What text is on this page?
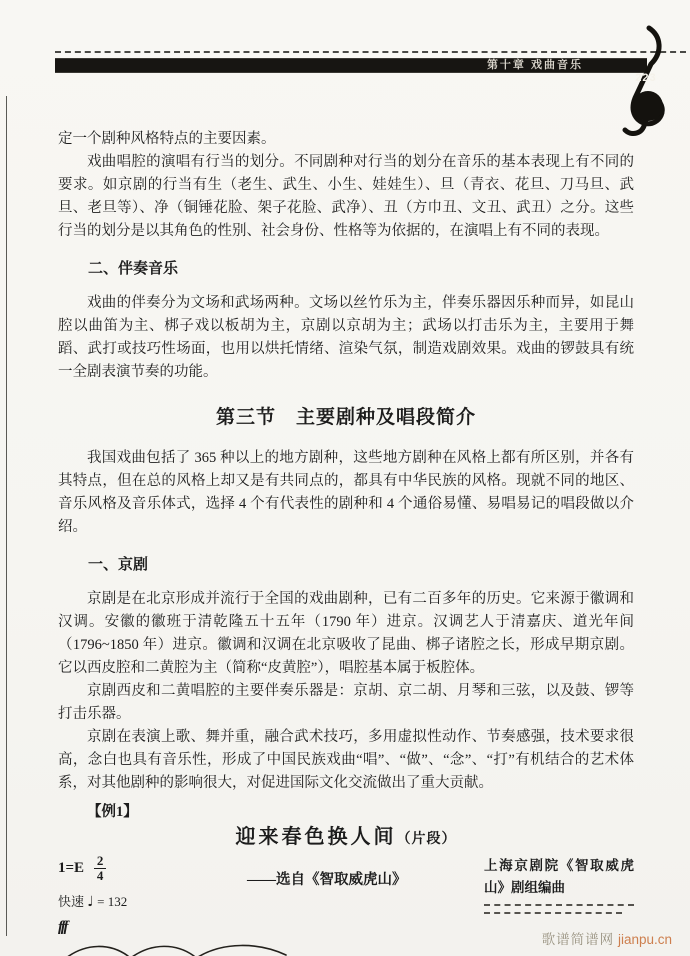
第十章 戏曲音乐
223

定一个剧种风格特点的主要因素。

戏曲唱腔的演唱有行当的划分。不同剧种对行当的划分在音乐的基本表现上有不同的要求。如京剧的行当有生（老生、武生、小生、娃娃生）、旦（青衣、花旦、刀马旦、武旦、老旦等）、净（铜锤花脸、架子花脸、武净）、丑（方巾丑、文丑、武丑）之分。这些行当的划分是以其角色的性别、社会身份、性格等为依据的，在演唱上有不同的表现。

二、伴奏音乐

戏曲的伴奏分为文场和武场两种。文场以丝竹乐为主，伴奏乐器因乐种而异，如昆山腔以曲笛为主、梆子戏以板胡为主，京剧以京胡为主；武场以打击乐为主，主要用于舞蹈、武打或技巧性场面，也用以烘托情绪、渲染气氛，制造戏剧效果。戏曲的锣鼓具有统一全剧表演节奏的功能。

第三节　主要剧种及唱段简介

我国戏曲包括了 365 种以上的地方剧种，这些地方剧种在风格上都有所区别，并各有其特点，但在总的风格上却又是有共同点的，都具有中华民族的风格。现就不同的地区、音乐风格及音乐体式，选择 4 个有代表性的剧种和 4 个通俗易懂、易唱易记的唱段做以介绍。

一、京剧

京剧是在北京形成并流行于全国的戏曲剧种，已有二百多年的历史。它来源于徽调和汉调。安徽的徽班于清乾隆五十五年（1790 年）进京。汉调艺人于清嘉庆、道光年间（1796~1850 年）进京。徽调和汉调在北京吸收了昆曲、梆子诸腔之长，形成早期京剧。它以西皮腔和二黄腔为主（简称“皮黄腔”），唱腔基本属于板腔体。

京剧西皮和二黄唱腔的主要伴奏乐器是：京胡、京二胡、月琴和三弦，以及鼓、锣等打击乐器。

京剧在表演上歌、舞并重，融合武术技巧，多用虚拟性动作、节奏感强，技术要求很高，念白也具有音乐性，形成了中国民族戏曲“唱”、“做”、“念”、“打”有机结合的艺术体系，对其他剧种的影响很大，对促进国际文化交流做出了重大贡献。

【例1】

迎来春色换人间（片段）
1=E 2
4
快速 ♩ = 132
fff
——选自《智取威虎山》
上海京剧院《智取威虎山》剧组编曲

歌谱简谱网 jianpu.cn
